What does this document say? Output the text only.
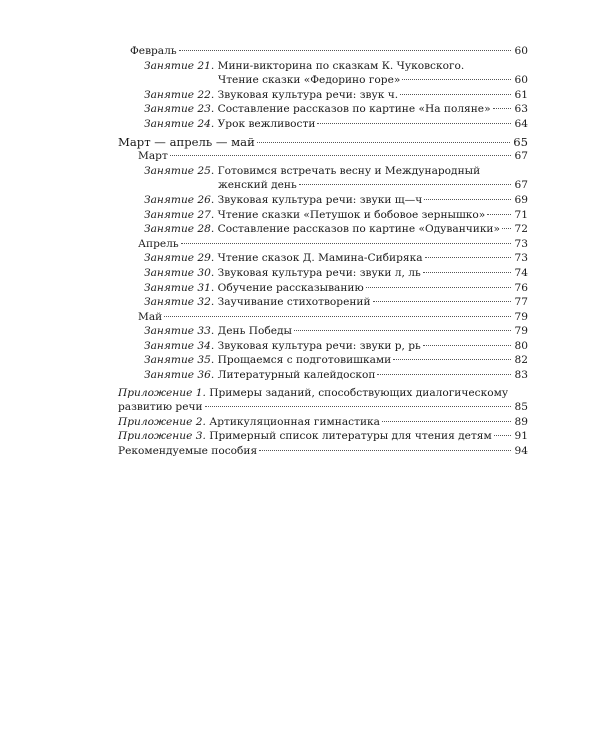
Февраль	60
Занятие 21. Мини-викторина по сказкам К. Чуковского.
Чтение сказки «Федорино горе»	60
Занятие 22. Звуковая культура речи: звук ч.	61
Занятие 23. Составление рассказов по картине «На поляне» 63
Занятие 24. Урок вежливости	64
Март — апрель — май	65
Март	67
Занятие 25. Готовимся встречать весну и Международный
женский день	67
Занятие 26. Звуковая культура речи: звуки щ—ч	69
Занятие 27. Чтение сказки «Петушок и бобовое зернышко»	71
Занятие 28. Составление рассказов по картине «Одуванчики» 72
Апрель	73
Занятие 29. Чтение сказок Д. Мамина-Сибиряка	73
Занятие 30. Звуковая культура речи: звуки л, ль	74
Занятие 31. Обучение рассказыванию	76
Занятие 32. Заучивание стихотворений	77
Май	79
Занятие 33. День Победы	79
Занятие 34. Звуковая культура речи: звуки р, рь	80
Занятие 35. Прощаемся с подготовишками	82
Занятие 36. Литературный калейдоскоп	83
Приложение 1. Примеры заданий, способствующих диалогическому
развитию речи	85
Приложение 2. Артикуляционная гимнастика	89
Приложение 3. Примерный список литературы для чтения детям 91
Рекомендуемые пособия	94
